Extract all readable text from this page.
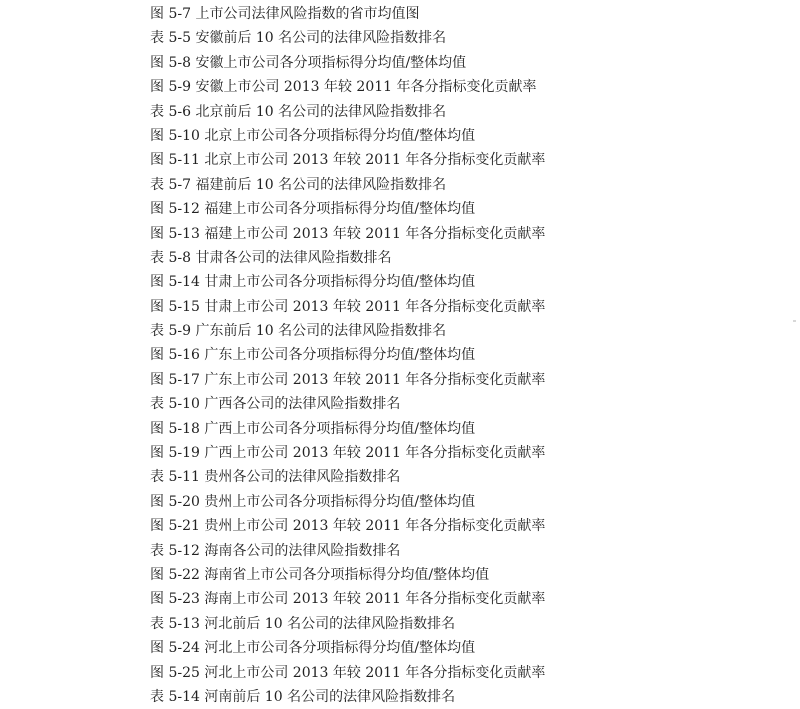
图 5-7 上市公司法律风险指数的省市均值图
表 5-5 安徽前后 10 名公司的法律风险指数排名
图 5-8 安徽上市公司各分项指标得分均值/整体均值
图 5-9 安徽上市公司 2013 年较 2011 年各分指标变化贡献率
表 5-6 北京前后 10 名公司的法律风险指数排名
图 5-10 北京上市公司各分项指标得分均值/整体均值
图 5-11 北京上市公司 2013 年较 2011 年各分指标变化贡献率
表 5-7 福建前后 10 名公司的法律风险指数排名
图 5-12 福建上市公司各分项指标得分均值/整体均值
图 5-13 福建上市公司 2013 年较 2011 年各分指标变化贡献率
表 5-8 甘肃各公司的法律风险指数排名
图 5-14 甘肃上市公司各分项指标得分均值/整体均值
图 5-15 甘肃上市公司 2013 年较 2011 年各分指标变化贡献率
表 5-9 广东前后 10 名公司的法律风险指数排名
图 5-16 广东上市公司各分项指标得分均值/整体均值
图 5-17 广东上市公司 2013 年较 2011 年各分指标变化贡献率
表 5-10 广西各公司的法律风险指数排名
图 5-18 广西上市公司各分项指标得分均值/整体均值
图 5-19 广西上市公司 2013 年较 2011 年各分指标变化贡献率
表 5-11 贵州各公司的法律风险指数排名
图 5-20 贵州上市公司各分项指标得分均值/整体均值
图 5-21 贵州上市公司 2013 年较 2011 年各分指标变化贡献率
表 5-12 海南各公司的法律风险指数排名
图 5-22 海南省上市公司各分项指标得分均值/整体均值
图 5-23 海南上市公司 2013 年较 2011 年各分指标变化贡献率
表 5-13 河北前后 10 名公司的法律风险指数排名
图 5-24 河北上市公司各分项指标得分均值/整体均值
图 5-25 河北上市公司 2013 年较 2011 年各分指标变化贡献率
表 5-14 河南前后 10 名公司的法律风险指数排名
